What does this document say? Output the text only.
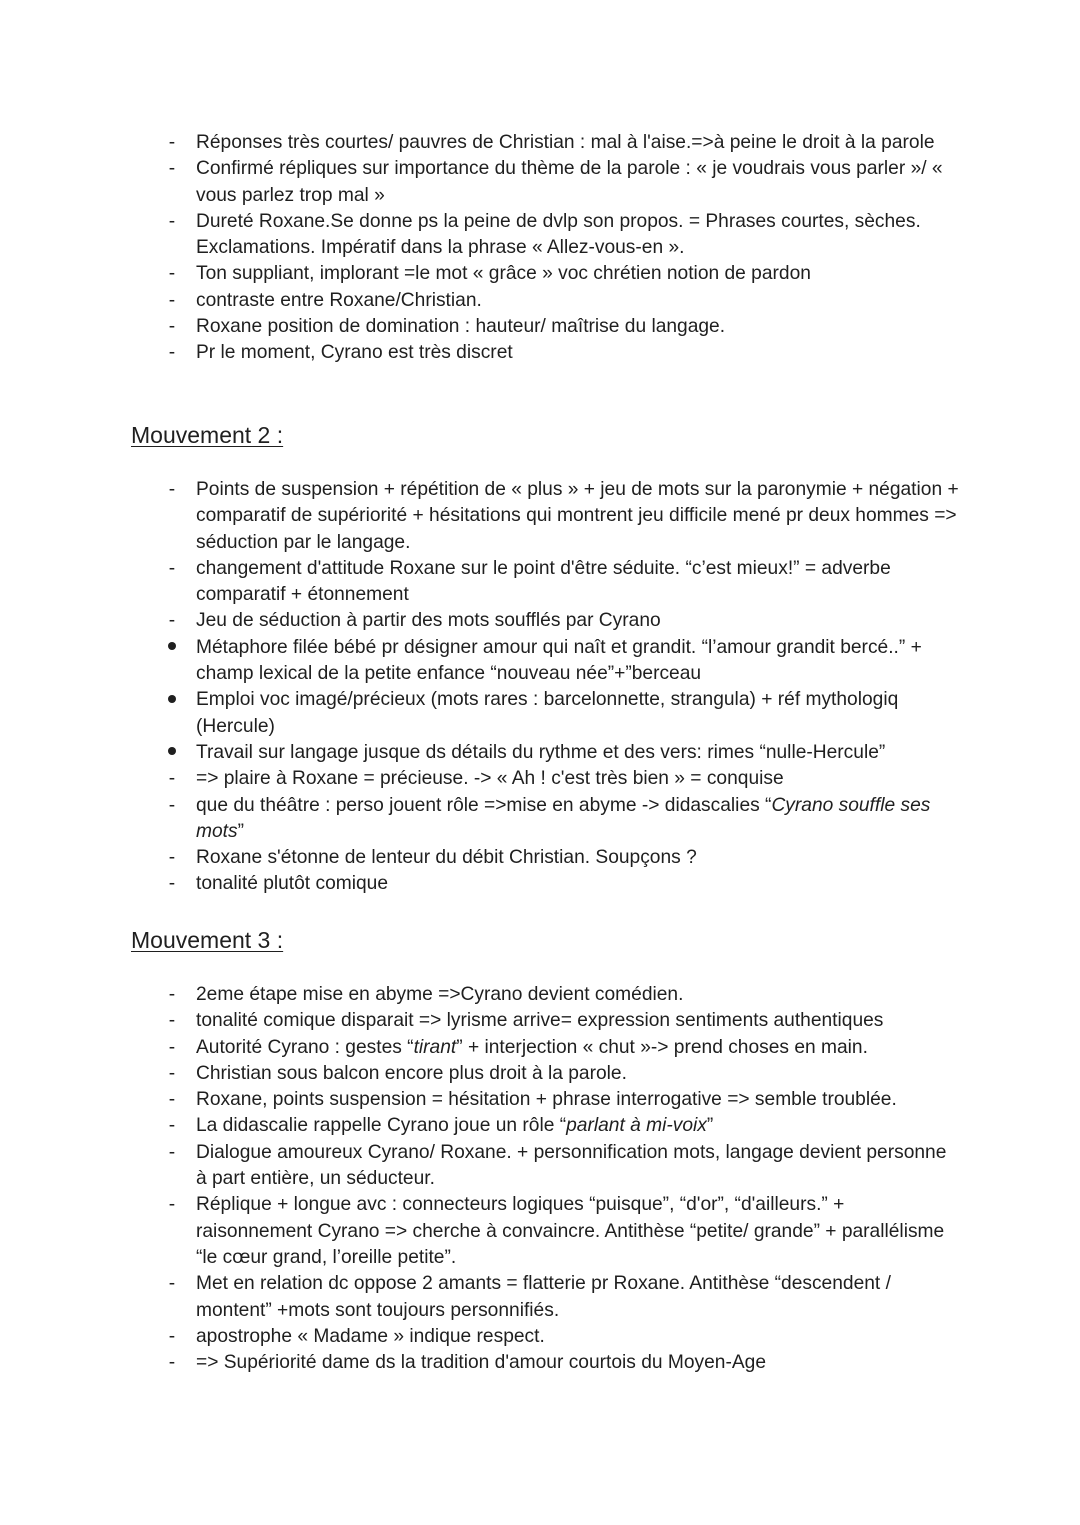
-
Réponses très courtes/ pauvres de Christian : mal à l'aise.=>à peine le droit à la parole
-
Confirmé répliques sur importance du thème de la parole : « je voudrais vous parler »/ « vous parlez trop mal »
-
Dureté Roxane.Se donne ps la peine de dvlp son propos. = Phrases courtes, sèches. Exclamations. Impératif dans la phrase « Allez-vous-en ».
-
Ton suppliant, implorant =le mot « grâce » voc chrétien notion de pardon
-
contraste entre Roxane/Christian.
-
Roxane position de domination : hauteur/ maîtrise du langage.
-
Pr le moment, Cyrano est très discret
Mouvement 2 :
-
Points de suspension + répétition de « plus » + jeu de mots sur la paronymie + négation + comparatif de supériorité + hésitations qui montrent jeu difficile mené pr deux hommes => séduction par le langage.
-
changement d'attitude Roxane sur le point d'être séduite. “c’est mieux!” = adverbe comparatif + étonnement
-
Jeu de séduction à partir des mots soufflés par Cyrano
Métaphore filée bébé pr désigner amour qui naît et grandit. “l’amour grandit bercé..” + champ lexical de la petite enfance “nouveau née”+”berceau
Emploi voc imagé/précieux (mots rares : barcelonnette, strangula) + réf mythologiq (Hercule)
Travail sur langage jusque ds détails du rythme et des vers: rimes “nulle-Hercule”
-
=> plaire à Roxane = précieuse. -> « Ah ! c'est très bien » = conquise
-
que du théâtre : perso jouent rôle =>mise en abyme -> didascalies “Cyrano souffle ses mots”
-
Roxane s'étonne de lenteur du débit Christian. Soupçons ?
-
tonalité plutôt comique
Mouvement 3 :
-
2eme étape mise en abyme =>Cyrano devient comédien.
-
tonalité comique disparait => lyrisme arrive= expression sentiments authentiques
-
Autorité Cyrano : gestes “tirant” + interjection « chut »-> prend choses en main.
-
Christian sous balcon encore plus droit à la parole.
-
Roxane, points suspension = hésitation + phrase interrogative => semble troublée.
-
La didascalie rappelle Cyrano joue un rôle “parlant à mi-voix”
-
Dialogue amoureux Cyrano/ Roxane. + personnification mots, langage devient personne à part entière, un séducteur.
-
Réplique + longue avc : connecteurs logiques “puisque”, “d'or”, “d'ailleurs.” + raisonnement Cyrano => cherche à convaincre. Antithèse “petite/ grande” + parallélisme “le cœur grand, l’oreille petite”.
-
Met en relation dc oppose 2 amants = flatterie pr Roxane. Antithèse “descendent / montent” +mots sont toujours personnifiés.
-
apostrophe « Madame » indique respect.
-
=> Supériorité dame ds la tradition d'amour courtois du Moyen-Age
